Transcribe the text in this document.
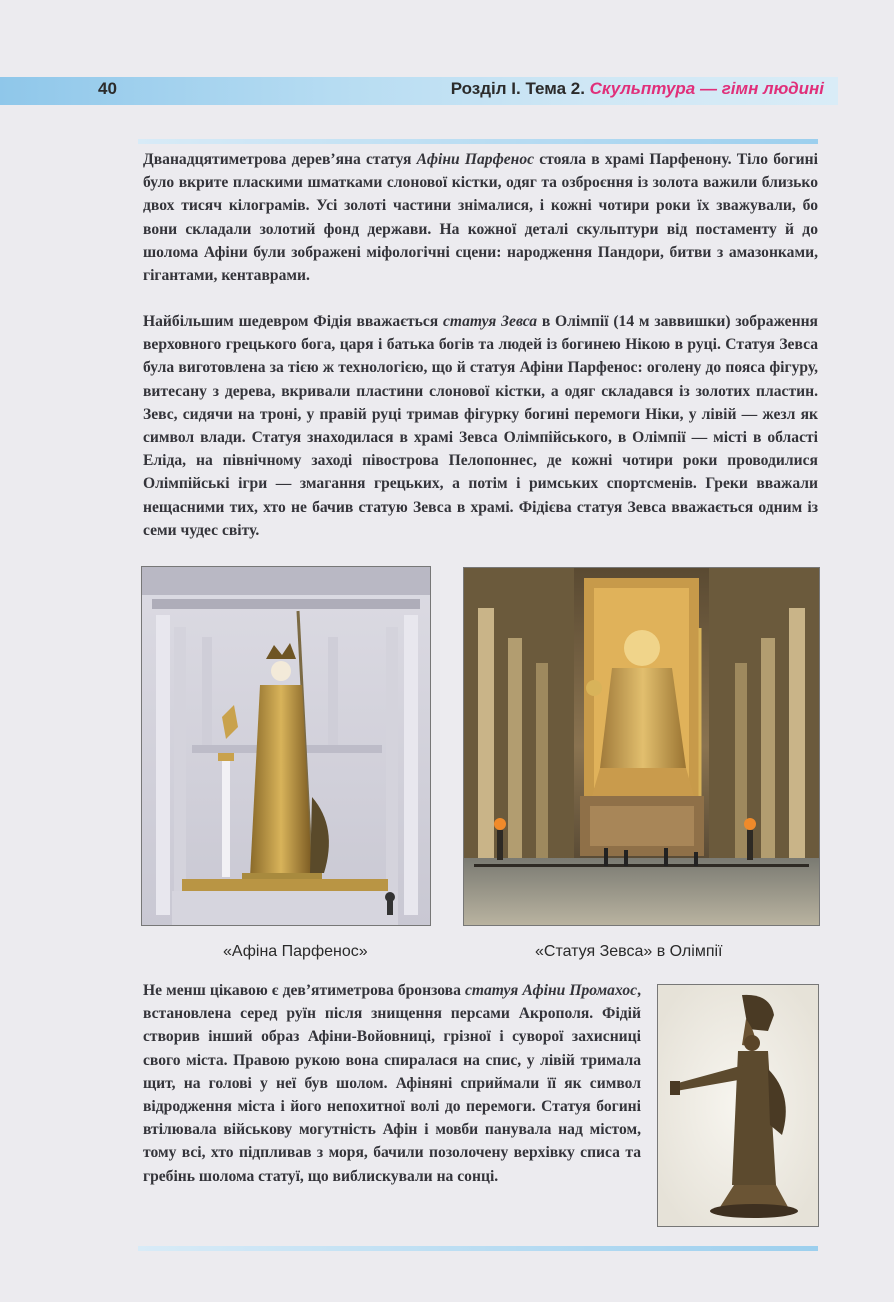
40	Розділ І. Тема 2. Скульптура — гімн людині

Дванадцятиметрова дерев’яна статуя Афіни Парфенос стояла в храмі Парфенону. Тіло богині було вкрите плаcкими шматками слонової кістки, одяг та озброєння із золота важили близько двох тисяч кілограмів. Усі золоті частини знімалися, і кожні чотири роки їх зважували, бо вони складали золотий фонд держави. На кожної деталі скульптури від постаменту й до шолома Афіни були зображені міфологічні сцени: народження Пандори, битви з амазонками, гігантами, кентаврами.

Найбільшим шедевром Фідія вважається статуя Зевса в Олімпії (14 м заввишки) зображення верховного грецького бога, царя і батька богів та людей із богинею Нікою в руці. Статуя Зевса була виготовлена за тією ж технологією, що й статуя Афіни Парфенос: оголену до пояса фігуру, витесану з дерева, вкривали пластини слонової кістки, а одяг складався із золотих пластин. Зевс, сидячи на троні, у правій руці тримав фігурку богині перемоги Ніки, у лівій — жезл як символ влади. Статуя знаходилася в храмі Зевса Олімпійського, в Олімпії — місті в області Еліда, на північному заході півострова Пелопоннес, де кожні чотири роки проводилися Олімпійські ігри — змагання грецьких, а потім і римських спортсменів. Греки вважали нещасними тих, хто не бачив статую Зевса в храмі. Фідієва статуя Зевса вважається одним із семи чудес світу.

«Афіна Парфенос»	«Статуя Зевса» в Олімпії

Не менш цікавою є дев’ятиметрова бронзова статуя Афіни Промахос, встановлена серед руїн після знищення персами Акрополя. Фідій створив інший образ Афіни-Войовниці, грізної і суворої захисниці свого міста. Правою рукою вона спиралася на спис, у лівій тримала щит, на голові у неї був шолом. Афіняні сприймали її як символ відродження міста і його непохитної волі до перемоги. Статуя богині втілювала військову могутність Афін і мовби панувала над містом, тому всі, хто підпливав з моря, бачили позолочену верхівку списа та гребінь шолома статуї, що виблискували на сонці.
